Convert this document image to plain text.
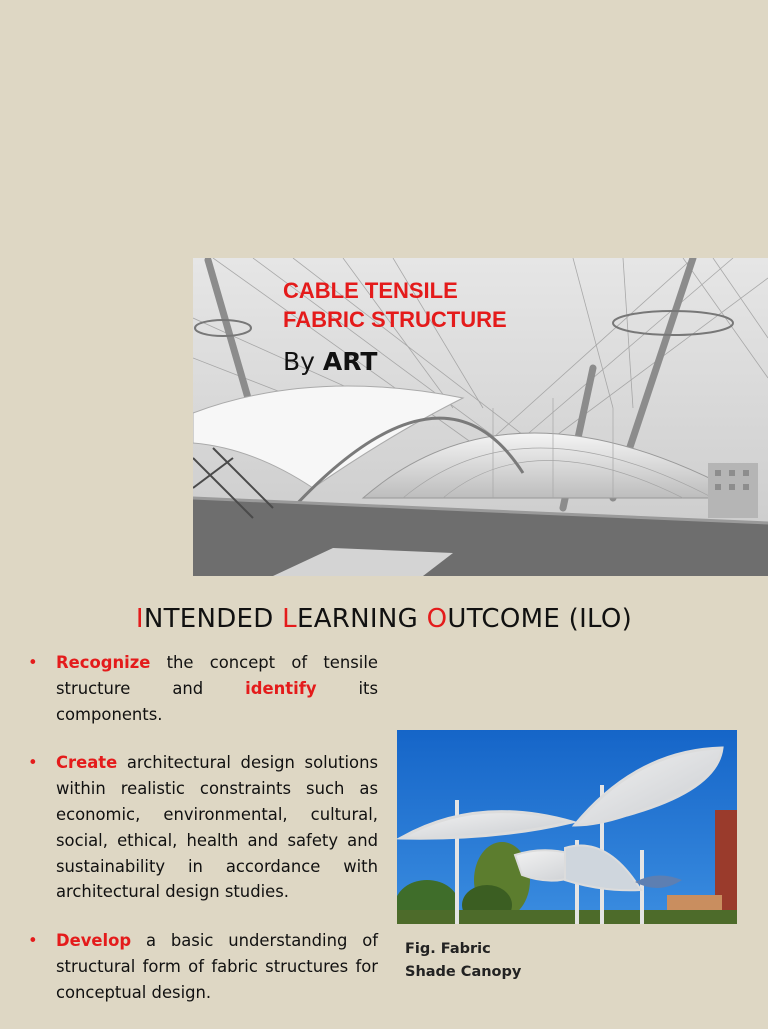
CABLE TENSILE
FABRIC STRUCTURE
By ART
INTENDED LEARNING OUTCOME (ILO)
• Recognize the concept of tensile structure and identify its components.
• Create architectural design solutions within realistic constraints such as economic, environmental, cultural, social, ethical, health and safety and sustainability in accordance with architectural design studies.
• Develop a basic understanding of structural form of fabric structures for conceptual design.
Fig. Fabric Shade Canopy
